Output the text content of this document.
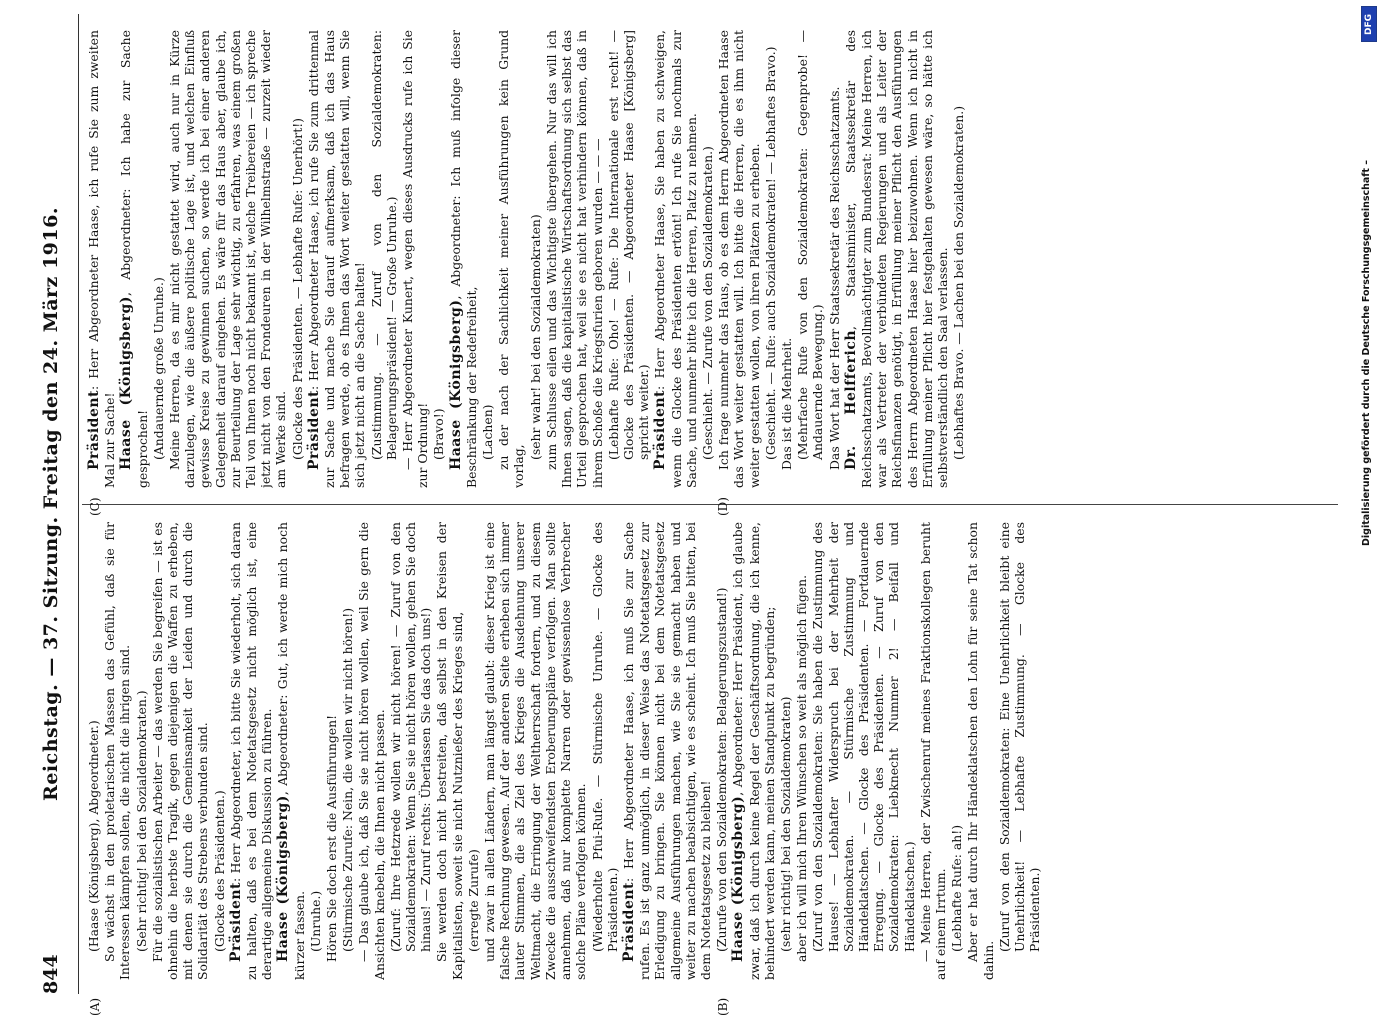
844
Reichstag. — 37. Sitzung. Freitag den 24. März 1916.
(A)	(B)
(C)	(D)

(Haase (Königsberg), Abgeordneter.) So wächst in den proletarischen Massen das Gefühl, daß sie für Interessen kämpfen sollen, die nicht die ihrigen sind. (Sehr richtig! bei den Sozialdemokraten.) Für die sozialistischen Arbeiter — das werden Sie begreifen — ist es ohnehin die herbste Tragik, gegen diejenigen die Waffen zu erheben, mit denen sie durch die Gemeinsamkeit der Leiden und durch die Solidarität des Strebens verbunden sind. (Glocke des Präsidenten.) Präsident: Herr Abgeordneter, ich bitte Sie wiederholt, sich daran zu halten, daß es bei dem Notetatsgesetz nicht möglich ist, eine derartige allgemeine Diskussion zu führen. Haase (Königsberg), Abgeordneter: Gut, ich werde mich noch kürzer fassen. (Unruhe.) Hören Sie doch erst die Ausführungen! (Stürmische Zurufe: Nein, die wollen wir nicht hören!) — Das glaube ich, daß Sie sie nicht hören wollen, weil Sie gern die Ansichten knebeln, die Ihnen nicht passen. (Zuruf: Ihre Hetzrede wollen wir nicht hören! — Zuruf von den Sozialdemokraten: Wenn Sie sie nicht hören wollen, gehen Sie doch hinaus! — Zuruf rechts: Überlassen Sie das doch uns!) Sie werden doch nicht bestreiten, daß selbst in den Kreisen der Kapitalisten, soweit sie nicht Nutznießer des Krieges sind, (erregte Zurufe) und zwar in allen Ländern, man längst glaubt: dieser Krieg ist eine falsche Rechnung gewesen. Auf der anderen Seite erheben sich immer lauter Stimmen, die als Ziel des Krieges die Ausdehnung unserer Weltmacht, die Erringung der Weltherrschaft fordern, und zu diesem Zwecke die ausschweifendsten Eroberungspläne verfolgen. Man sollte annehmen, daß nur komplette Narren oder gewissenlose Verbrecher solche Pläne verfolgen können. (Wiederholte Pfui-Rufe. — Stürmische Unruhe. — Glocke des Präsidenten.) Präsident: Herr Abgeordneter Haase, ich muß Sie zur Sache rufen. Es ist ganz unmöglich, in dieser Weise das Notetatsgesetz zur Erledigung zu bringen. Sie können nicht bei dem Notetatsgesetz allgemeine Ausführungen machen, wie Sie sie gemacht haben und weiter zu machen beabsichtigen, wie es scheint. Ich muß Sie bitten, bei dem Notetatsgesetz zu bleiben! (Zurufe von den Sozialdemokraten: Belagerungszustand!) Haase (Königsberg), Abgeordneter: Herr Präsident, ich glaube zwar, daß ich durch keine Regel der Geschäftsordnung, die ich kenne, behindert werden kann, meinen Standpunkt zu begründen; (sehr richtig! bei den Sozialdemokraten) aber ich will mich Ihren Wünschen so weit als möglich fügen. (Zuruf von den Sozialdemokraten: Sie haben die Zustimmung des Hauses! — Lebhafter Widerspruch bei der Mehrheit der Sozialdemokraten. — Stürmische Zustimmung und Händeklatschen. — Glocke des Präsidenten. — Fortdauernde Erregung. — Glocke des Präsidenten. — Zuruf von den Sozialdemokraten: Liebknecht Nummer 2! — Beifall und Händeklatschen.) — Meine Herren, der Zwischenruf meines Fraktionskollegen beruht auf einem Irrtum. (Lebhafte Rufe: ah!) Aber er hat durch Ihr Händeklatschen den Lohn für seine Tat schon dahin.

(Zuruf von den Sozialdemokraten: Eine Unehrlichkeit bleibt eine Unehrlichkeit! — Lebhafte Zustimmung. — Glocke des Präsidenten.)

Präsident: Herr Abgeordneter Haase, ich rufe Sie zum zweiten Mal zur Sache! Haase (Königsberg), Abgeordneter: Ich habe zur Sache gesprochen! (Andauernde große Unruhe.) Meine Herren, da es mir nicht gestattet wird, auch nur in Kürze darzulegen, wie die äußere politische Lage ist, und welchen Einfluß gewisse Kreise zu gewinnen suchen, so werde ich bei einer anderen Gelegenheit darauf eingehen. Es wäre für das Haus aber, glaube ich, zur Beurteilung der Lage sehr wichtig, zu erfahren, was einem großen Teil von Ihnen noch nicht bekannt ist, welche Treibereien — ich spreche jetzt nicht von den Frondeuren in der Wilhelmstraße — zurzeit wieder am Werke sind. (Glocke des Präsidenten. — Lebhafte Rufe: Unerhört!) Präsident: Herr Abgeordneter Haase, ich rufe Sie zum drittenmal zur Sache und mache Sie darauf aufmerksam, daß ich das Haus befragen werde, ob es Ihnen das Wort weiter gestatten will, wenn Sie sich jetzt nicht an die Sache halten! (Zustimmung. — Zuruf von den Sozialdemokraten: Belagerungspräsident! — Große Unruhe.) — Herr Abgeordneter Kunert, wegen dieses Ausdrucks rufe ich Sie zur Ordnung! (Bravo!) Haase (Königsberg), Abgeordneter: Ich muß infolge dieser Beschränkung der Redefreiheit, (Lachen) zu der nach der Sachlichkeit meiner Ausführungen kein Grund vorlag,

(sehr wahr! bei den Sozialdemokraten) zum Schlusse eilen und das Wichtigste übergehen. Nur das will ich Ihnen sagen, daß die kapitalistische Wirtschaftsordnung sich selbst das Urteil gesprochen hat, weil sie es nicht hat verhindern können, daß in ihrem Schoße die Kriegsfurien geboren wurden — — — (Lebhafte Rufe: Oho! — Rufe: Die Internationale erst recht! — Glocke des Präsidenten. — Abgeordneter Haase [Königsberg] spricht weiter.) Präsident: Herr Abgeordneter Haase, Sie haben zu schweigen, wenn die Glocke des Präsidenten ertönt! Ich rufe Sie nochmals zur Sache, und nunmehr bitte ich die Herren, Platz zu nehmen. (Geschieht. — Zurufe von den Sozialdemokraten.) Ich frage nunmehr das Haus, ob es dem Herrn Abgeordneten Haase das Wort weiter gestatten will. Ich bitte die Herren, die es ihm nicht weiter gestatten wollen, von ihren Plätzen zu erheben. (Geschieht. — Rufe: auch Sozialdemokraten! — Lebhaftes Bravo.) Das ist die Mehrheit. (Mehrfache Rufe von den Sozialdemokraten: Gegenprobe! — Andauernde Bewegung.) Das Wort hat der Herr Staatssekretär des Reichsschatzamts. Dr. Helfferich, Staatsminister, Staatssekretär des Reichsschatzamts, Bevollmächtigter zum Bundesrat: Meine Herren, ich war als Vertreter der verbündeten Regierungen und als Leiter der Reichsfinanzen genötigt, in Erfüllung meiner Pflicht den Ausführungen des Herrn Abgeordneten Haase hier beizuwohnen. Wenn ich nicht in Erfüllung meiner Pflicht hier festgehalten gewesen wäre, so hätte ich selbstverständlich den Saal verlassen. (Lebhaftes Bravo. — Lachen bei den Sozialdemokraten.)

DFG
Digitalisierung gefördert durch die Deutsche Forschungsgemeinschaft –
